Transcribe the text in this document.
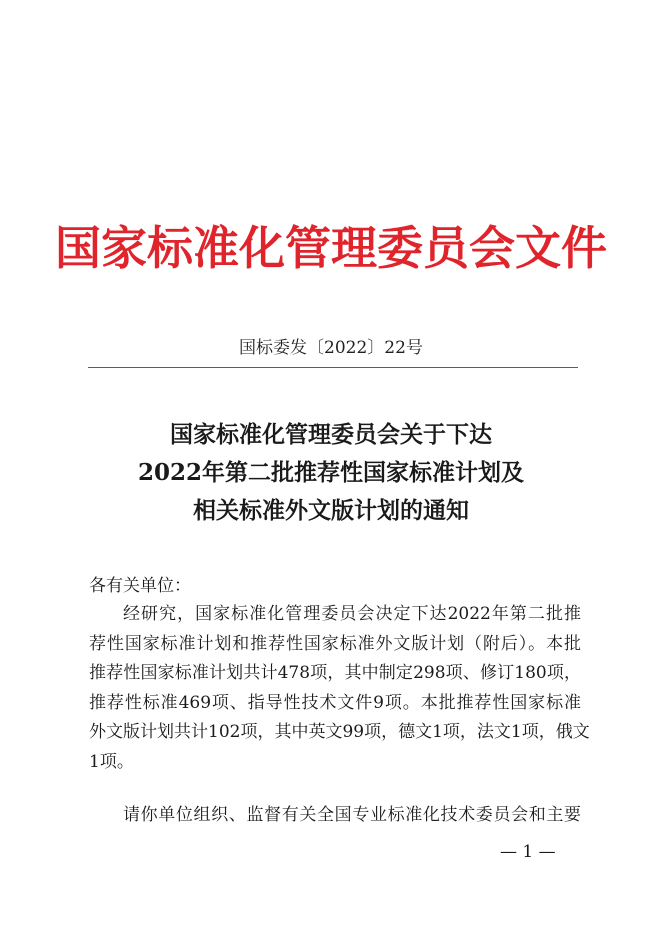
国家标准化管理委员会文件
国标委发〔2022〕22号
国家标准化管理委员会关于下达
2022年第二批推荐性国家标准计划及
相关标准外文版计划的通知
各有关单位：
经研究，国家标准化管理委员会决定下达2022年第二批推
荐性国家标准计划和推荐性国家标准外文版计划（附后）。本批
推荐性国家标准计划共计478项，其中制定298项、修订180项，
推荐性标准469项、指导性技术文件9项。本批推荐性国家标准
外文版计划共计102项，其中英文99项，德文1项，法文1项，俄文
1项。
请你单位组织、监督有关全国专业标准化技术委员会和主要
— 1 —
